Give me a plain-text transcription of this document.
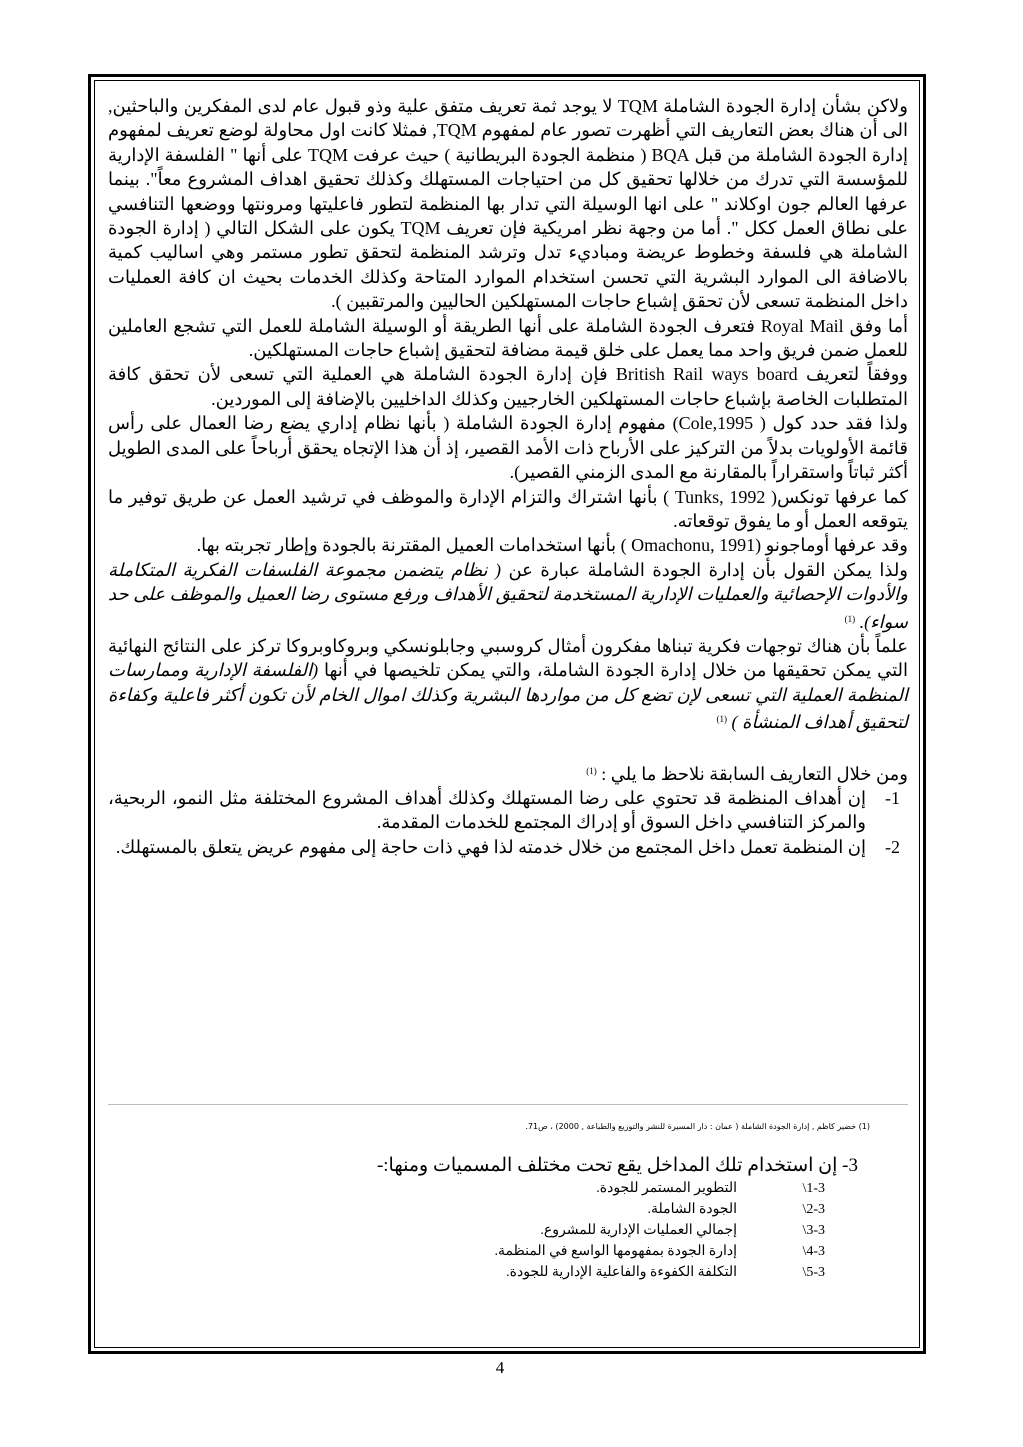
ولاكن بشأن إدارة الجودة الشاملة TQM لا يوجد ثمة تعريف متفق علية وذو قبول عام لدى المفكرين والباحثين, الى أن هناك بعض التعاريف التي أظهرت تصور عام لمفهوم TQM, فمثلا كانت اول محاولة لوضع تعريف لمفهوم إدارة الجودة الشاملة من قبل BQA ( منظمة الجودة البريطانية ) حيث عرفت TQM على أنها " الفلسفة الإدارية للمؤسسة التي تدرك من خلالها تحقيق كل من احتياجات المستهلك وكذلك تحقيق اهداف المشروع معاً". بينما عرفها العالم جون اوكلاند " على انها الوسيلة التي تدار بها المنظمة لتطور فاعليتها ومرونتها ووضعها التنافسي على نطاق العمل ككل ". أما من وجهة نظر امريكية فإن تعريف TQM يكون على الشكل التالي ( إدارة الجودة الشاملة هي فلسفة وخطوط عريضة ومباديء تدل وترشد المنظمة لتحقق تطور مستمر وهي اساليب كمية بالاضافة الى الموارد البشرية التي تحسن استخدام الموارد المتاحة وكذلك الخدمات بحيث ان كافة العمليات داخل المنظمة تسعى لأن تحقق إشباع حاجات المستهلكين الحاليين والمرتقبين ).

أما وفق Royal Mail فتعرف الجودة الشاملة على أنها الطريقة أو الوسيلة الشاملة للعمل التي تشجع العاملين للعمل ضمن فريق واحد مما يعمل على خلق قيمة مضافة لتحقيق إشباع حاجات المستهلكين.

ووفقاً لتعريف British Rail ways board فإن إدارة الجودة الشاملة هي العملية التي تسعى لأن تحقق كافة المتطلبات الخاصة بإشباع حاجات المستهلكين الخارجيين وكذلك الداخليين بالإضافة إلى الموردين.

ولذا فقد حدد كول ( Cole,1995) مفهوم إدارة الجودة الشاملة ( بأنها نظام إداري يضع رضا العمال على رأس قائمة الأولويات بدلاً من التركيز على الأرباح ذات الأمد القصير، إذ أن هذا الإتجاه يحقق أرباحاً على المدى الطويل أكثر ثباتاً واستقراراً بالمقارنة مع المدى الزمني القصير).

كما عرفها تونكس( Tunks, 1992 ) بأنها اشتراك والتزام الإدارة والموظف في ترشيد العمل عن طريق توفير ما يتوقعه العمل أو ما يفوق توقعاته.

وقد عرفها أوماجونو (Omachonu, 1991 ) بأنها استخدامات العميل المقترنة بالجودة وإطار تجربته بها.

ولذا يمكن القول بأن إدارة الجودة الشاملة عبارة عن ( نظام يتضمن مجموعة الفلسفات الفكرية المتكاملة والأدوات الإحصائية والعمليات الإدارية المستخدمة لتحقيق الأهداف ورفع مستوى رضا العميل والموظف على حد سواء). $^{(1)}$

علماً بأن هناك توجهات فكرية تبناها مفكرون أمثال كروسبي وجابلونسكي وبروكاوبروكا تركز على النتائج النهائية التي يمكن تحقيقها من خلال إدارة الجودة الشاملة، والتي يمكن تلخيصها في أنها (الفلسفة الإدارية وممارسات المنظمة العملية التي تسعى لإن تضع كل من مواردها البشرية وكذلك اموال الخام لأن تكون أكثر فاعلية وكفاءة لتحقيق أهداف المنشأة ) $^{(1)}$

ومن خلال التعاريف السابقة نلاحظ ما يلي : $^{(1)}$

1-
إن أهداف المنظمة قد تحتوي على رضا المستهلك وكذلك أهداف المشروع المختلفة مثل النمو، الربحية، والمركز التنافسي داخل السوق أو إدراك المجتمع للخدمات المقدمة.
2-
إن المنظمة تعمل داخل المجتمع من خلال خدمته لذا فهي ذات حاجة إلى مفهوم عريض يتعلق بالمستهلك.
(1) خضير كاظم , إدارة الجودة الشاملة ( عمان : دار المسيرة للنشر والتوزيع والطباعة , 2000) ، ص71.
3- إن استخدام تلك المداخل يقع تحت مختلف المسميات ومنها:-
1-3\
التطوير المستمر للجودة.
2-3\
الجودة الشاملة.
3-3\
إجمالي العمليات الإدارية للمشروع.
4-3\
إدارة الجودة بمفهومها الواسع في المنظمة.
5-3\
التكلفة الكفوءة والفاعلية الإدارية للجودة.
4
